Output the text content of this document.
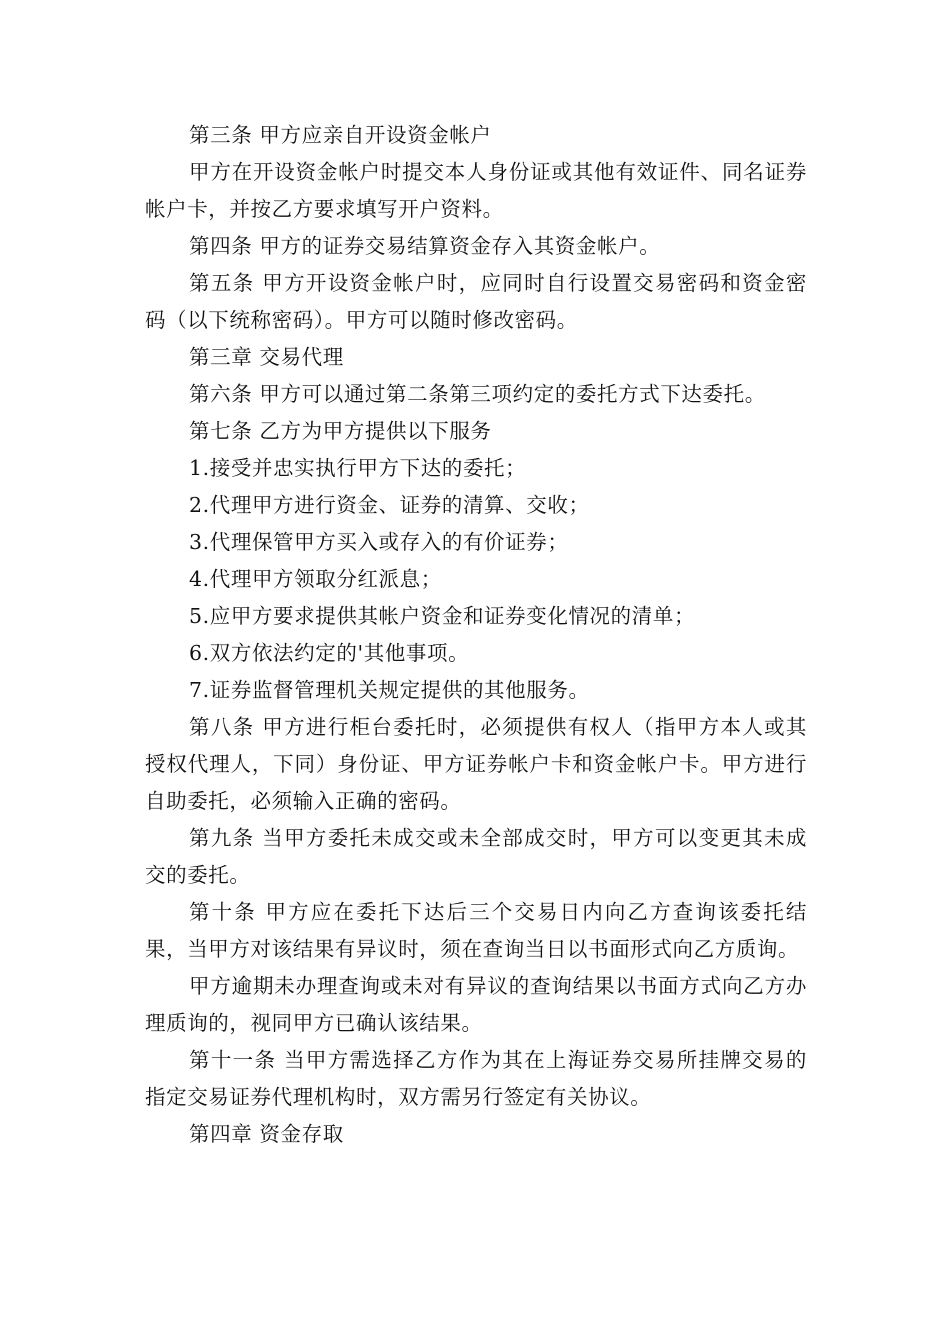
第三条 甲方应亲自开设资金帐户

甲方在开设资金帐户时提交本人身份证或其他有效证件、同名证券帐户卡，并按乙方要求填写开户资料。

第四条 甲方的证券交易结算资金存入其资金帐户。

第五条 甲方开设资金帐户时，应同时自行设置交易密码和资金密码（以下统称密码）。甲方可以随时修改密码。

第三章 交易代理

第六条 甲方可以通过第二条第三项约定的委托方式下达委托。

第七条 乙方为甲方提供以下服务

1.接受并忠实执行甲方下达的委托；

2.代理甲方进行资金、证券的清算、交收；

3.代理保管甲方买入或存入的有价证券；

4.代理甲方领取分红派息；

5.应甲方要求提供其帐户资金和证券变化情况的清单；

6.双方依法约定的'其他事项。

7.证券监督管理机关规定提供的其他服务。

第八条 甲方进行柜台委托时，必须提供有权人（指甲方本人或其授权代理人，下同）身份证、甲方证券帐户卡和资金帐户卡。甲方进行自助委托，必须输入正确的密码。

第九条 当甲方委托未成交或未全部成交时，甲方可以变更其未成交的委托。

第十条 甲方应在委托下达后三个交易日内向乙方查询该委托结果，当甲方对该结果有异议时，须在查询当日以书面形式向乙方质询。

甲方逾期未办理查询或未对有异议的查询结果以书面方式向乙方办理质询的，视同甲方已确认该结果。

第十一条 当甲方需选择乙方作为其在上海证券交易所挂牌交易的指定交易证券代理机构时，双方需另行签定有关协议。

第四章 资金存取
